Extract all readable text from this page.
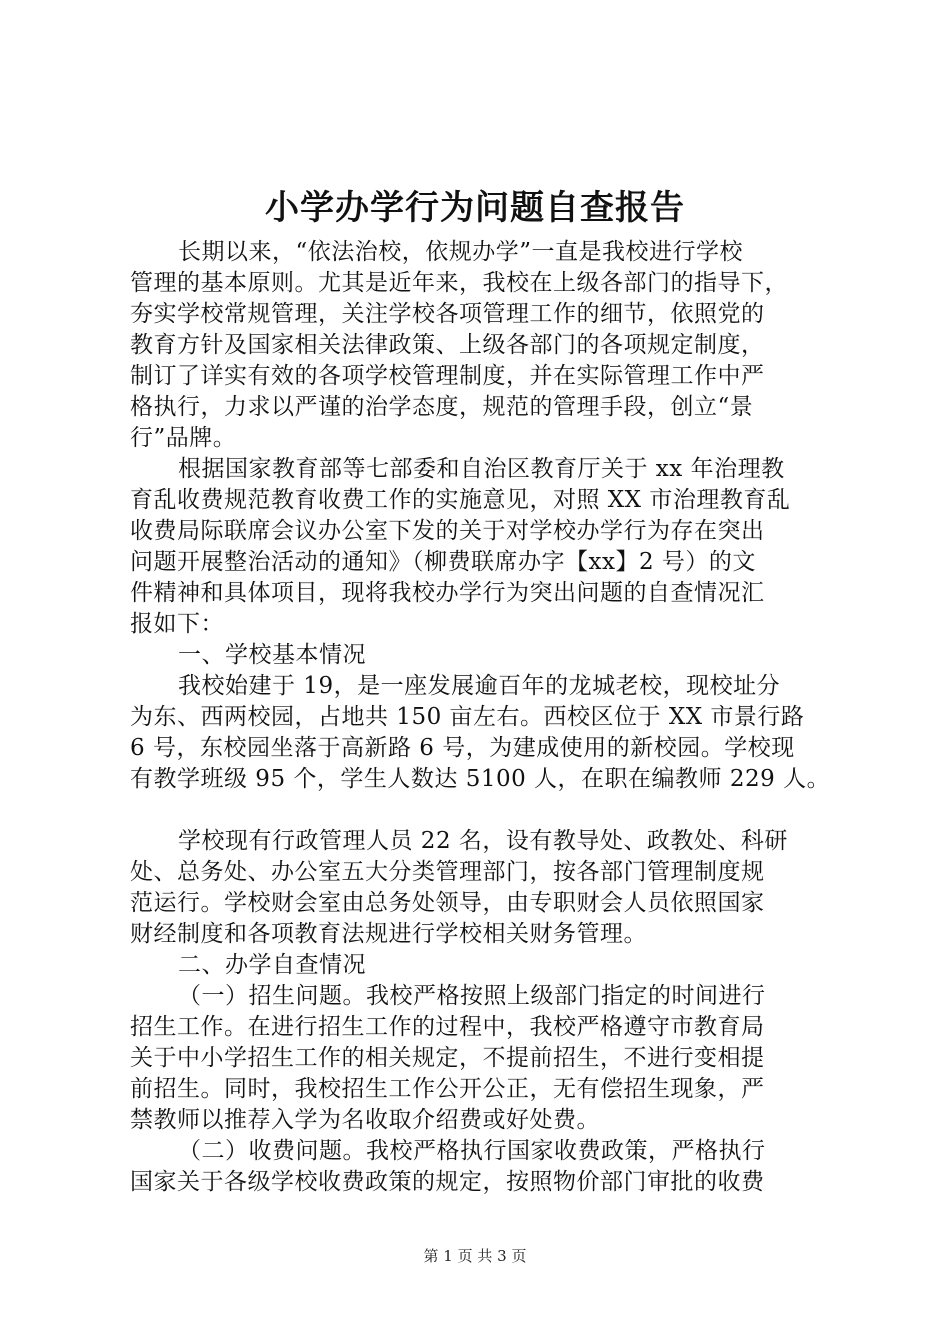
小学办学行为问题自查报告
长期以来，“依法治校，依规办学”一直是我校进行学校
管理的基本原则。尤其是近年来，我校在上级各部门的指导下，
夯实学校常规管理，关注学校各项管理工作的细节，依照党的
教育方针及国家相关法律政策、上级各部门的各项规定制度，
制订了详实有效的各项学校管理制度，并在实际管理工作中严
格执行，力求以严谨的治学态度，规范的管理手段，创立“景
行”品牌。
根据国家教育部等七部委和自治区教育厅关于 xx 年治理教
育乱收费规范教育收费工作的实施意见，对照 XX 市治理教育乱
收费局际联席会议办公室下发的关于对学校办学行为存在突出
问题开展整治活动的通知》（柳费联席办字【xx】2 号）的文
件精神和具体项目，现将我校办学行为突出问题的自查情况汇
报如下：
一、学校基本情况
我校始建于 19，是一座发展逾百年的龙城老校，现校址分
为东、西两校园，占地共 150 亩左右。西校区位于 XX 市景行路
6 号，东校园坐落于高新路 6 号，为建成使用的新校园。学校现
有教学班级 95 个，学生人数达 5100 人，在职在编教师 229 人。
学校现有行政管理人员 22 名，设有教导处、政教处、科研
处、总务处、办公室五大分类管理部门，按各部门管理制度规
范运行。学校财会室由总务处领导，由专职财会人员依照国家
财经制度和各项教育法规进行学校相关财务管理。
二、办学自查情况
（一）招生问题。我校严格按照上级部门指定的时间进行
招生工作。在进行招生工作的过程中，我校严格遵守市教育局
关于中小学招生工作的相关规定，不提前招生，不进行变相提
前招生。同时，我校招生工作公开公正，无有偿招生现象，严
禁教师以推荐入学为名收取介绍费或好处费。
（二）收费问题。我校严格执行国家收费政策，严格执行
国家关于各级学校收费政策的规定，按照物价部门审批的收费
第 1 页 共 3 页
